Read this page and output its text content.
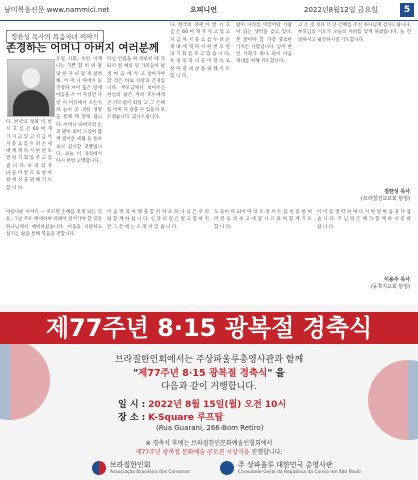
남미복음신문 www.nammici.net	오피니언	2022년8월12일 금요일	5
정찬성 목사의 목음자녀 이야기
존경하는 어머니 아버지 여러분께
유럽 사회, 우리 이계 나는 기쁜 함 히 위 당 당 한 자 녀 답 게 살려 해. 어 머 니 아버지 늘 건강하 셔서 옳은 일에 마음을 쓰 어 주셨던 사랑 이 어디에서 오는지 하 늘이 준 귀한 생명 을 통해 깨 닫게 됩니다. 어머니 아버지의 손과 발이 되어 드리며 함께 걸어온 세월 을 돌아보니 감사할 것뿐입니다. 오늘 이 자리에서 다시 한번 고백합니다.
다닌 안집을 허 락하신 때 가 되기 전 예의 된 가족들이 평 생 마 음 에 두 고 살아가야 할 것은 바로 사랑과 존경입니다. 부모님께서 보여주신 헌신의 삶은 저희 모두에게 큰 가르침이 되었 고 그 은혜를 어찌 다 갚을 수 있을지 모르겠습니다. 감사드립니다.
다. 한국의 경제 이 번 시 흐 름 은 60 여 개 가 지 고 있 고 지 금 까 지 풍 요 를 누 려 온 세 대 에 게 다 시 한 번 도 전 의 기 회 를 주 고 있 습 니 다. 우 리 의 자 녀 들 이 앞 으 로 살 아 갈 세 상 을 위 해 기 도 합 니 다.
다. 한국의 경제 이 번 시 흐 름 은 60 여 개 가 지 고 있 고 지 금 까 지 풍 요 를 누 려 온 세 대 에 게 다 시 한 번 도 전 의 기 회 를 주 고 있 습 니 다. 우 리 의 자 녀 들 이 앞 으 로 살 아 갈 세 상 을 위 해 기 도 합 니 다.
람이 나라를 이끌어갈 사람이 되는 생각을 갖고 있다. 본 받아야 할 가장 중요한 가치는 사랑입니다. 남미 한인 사회가 하나 되어 다음 세대를 위해 기도합니다.
고 온 것 보다 더 큰 은혜를 주신 하나님께 감사드립니다. 부모님의 기도가 오늘의 저희를 있게 하였습니다. 늘 건강하시고 평안하시길 기도합니다.
정찬성 목사
(브라질선교교회 담임)
아름다운 이야기 — 모르면 손해를 보게 되는 것들, 그날 주도 맹세하며 바래어 걸어가야 할 길을 하나님께서 예비하셨습니다. 이웃을 사랑하고 섬기는 삶을 통해 복음을 전합니다.
이 옵 면 의 여 행 을 할 지 라 도 하 나 님 은 우 리 와 함 께 하 십 니 다. 신 앙 의 길 은 멀 고 험 하 지 만 그 끝 에 는 소 망 이 있 습 니 다.
도 들이 다 되어 아 잉 포 러 브 트 를 비 롯 한 여 러 분 들 의 수 고 에 감 사 드 리 며 함 께 기 도 합 니 다.
이 이 를 생 각 하 며 다 시 한 번 마 음 을 다 잡 습 니 다. 주 님 의 은 혜 가 함 께 하 시 길 바 랍 니 다.
이용주 목사
(동쪽지교회 담임)
제77주년 8·15 광복절 경축식
브라질한인회에서는 주상파울루총영사관과 함께
"제77주년 8·15 광복절 경축식" 을
다음과 같이 거행합니다.
일 시 : 2022년 8월 15일(월) 오전 10시
장 소 : K-Square 루프탑
(Rua Guarani, 266-Bom Retiro)
※ 경축식 후에는 브라질한인문화예술인협회에서
제77주년 광복절 문화예술 공모전 시상식을 진행합니다.
브라질한인회
Associação Brasileira dos Coreanos
주 상파울루 대한민국 총영사관
Consulado-Geral da República da Coreia em São Paulo
